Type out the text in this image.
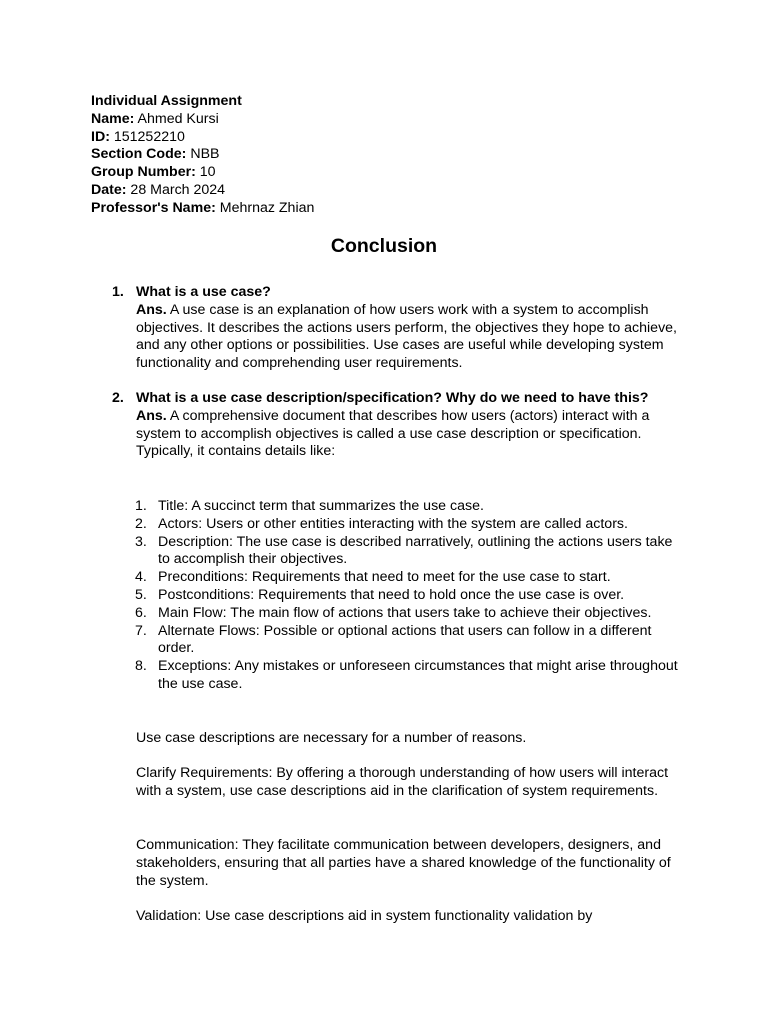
Individual Assignment
Name: Ahmed Kursi
ID: 151252210
Section Code: NBB
Group Number: 10
Date: 28 March 2024
Professor's Name: Mehrnaz Zhian
Conclusion
1. What is a use case?
Ans. A use case is an explanation of how users work with a system to accomplish objectives. It describes the actions users perform, the objectives they hope to achieve, and any other options or possibilities. Use cases are useful while developing system functionality and comprehending user requirements.
2. What is a use case description/specification? Why do we need to have this?
Ans. A comprehensive document that describes how users (actors) interact with a system to accomplish objectives is called a use case description or specification. Typically, it contains details like:
1. Title: A succinct term that summarizes the use case.
2. Actors: Users or other entities interacting with the system are called actors.
3. Description: The use case is described narratively, outlining the actions users take to accomplish their objectives.
4. Preconditions: Requirements that need to meet for the use case to start.
5. Postconditions: Requirements that need to hold once the use case is over.
6. Main Flow: The main flow of actions that users take to achieve their objectives.
7. Alternate Flows: Possible or optional actions that users can follow in a different order.
8. Exceptions: Any mistakes or unforeseen circumstances that might arise throughout the use case.
Use case descriptions are necessary for a number of reasons.
Clarify Requirements: By offering a thorough understanding of how users will interact with a system, use case descriptions aid in the clarification of system requirements.
Communication: They facilitate communication between developers, designers, and stakeholders, ensuring that all parties have a shared knowledge of the functionality of the system.
Validation: Use case descriptions aid in system functionality validation by
